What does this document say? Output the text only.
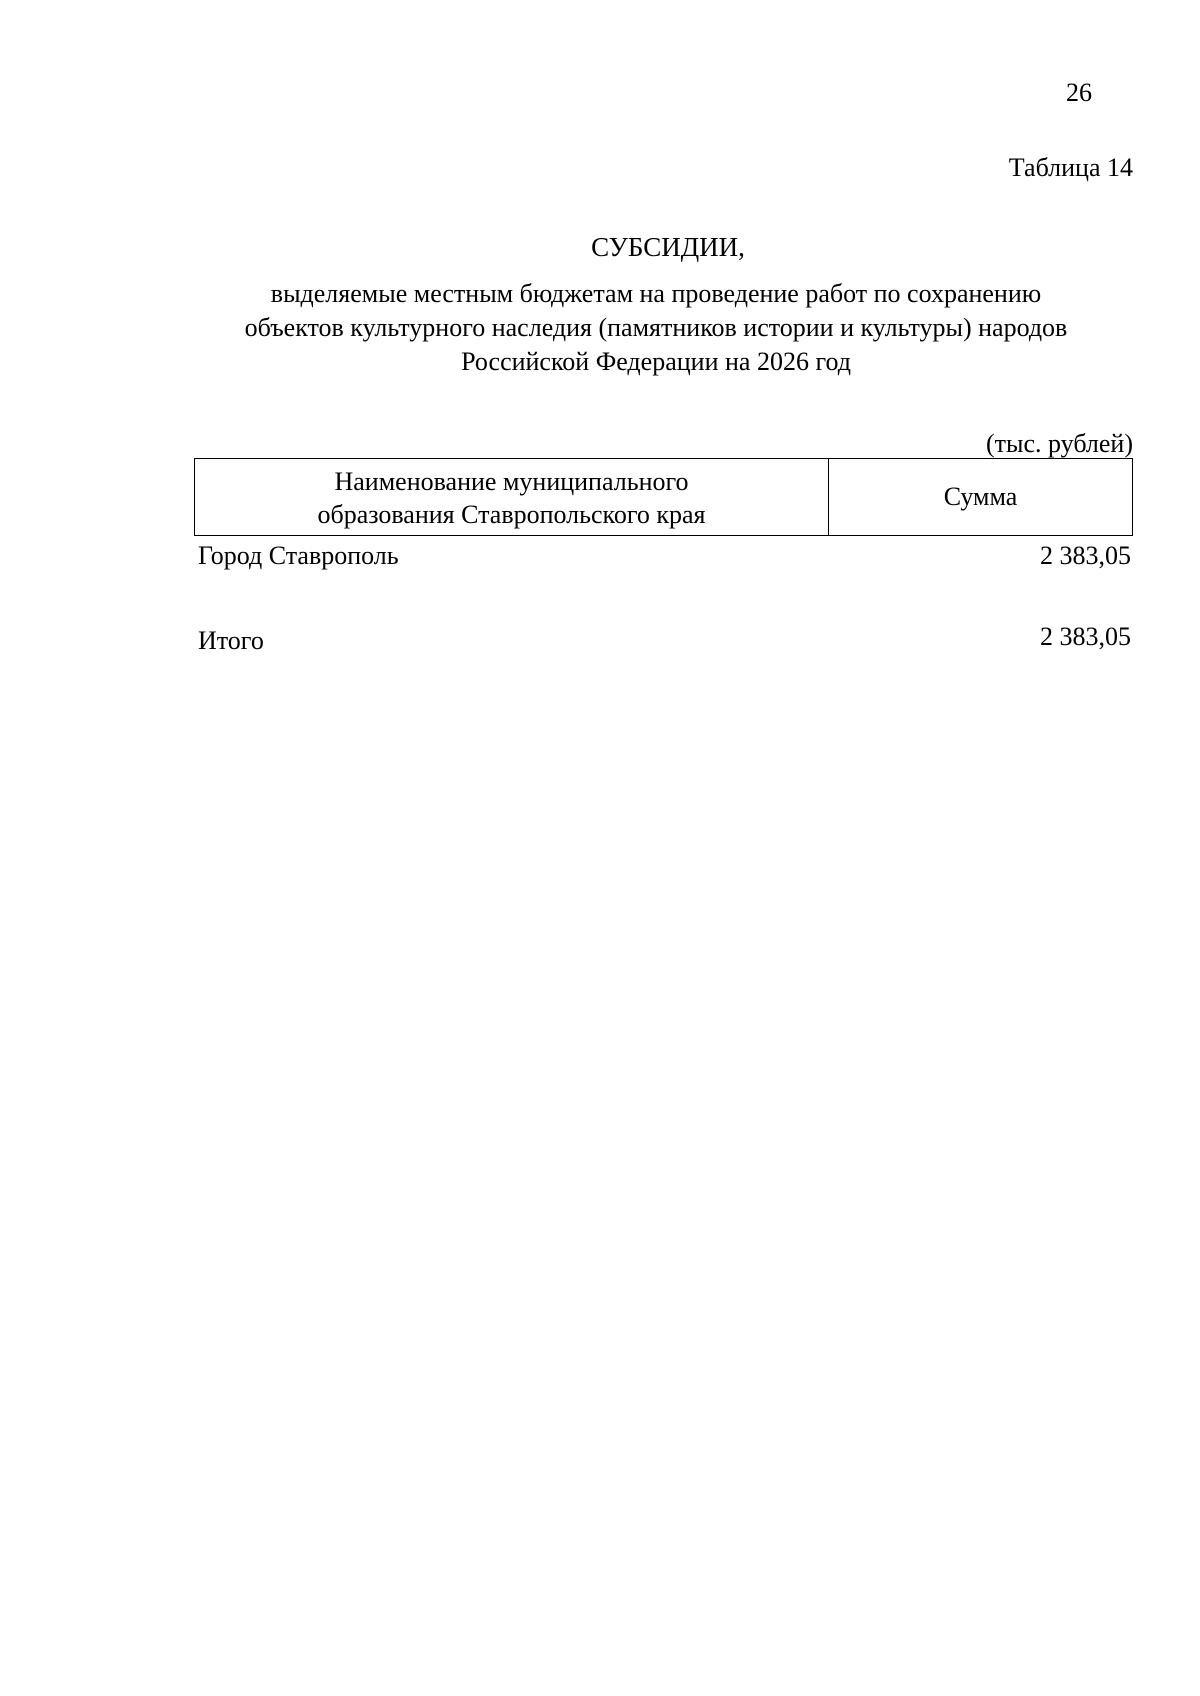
26
Таблица 14
СУБСИДИИ,
выделяемые местным бюджетам на проведение работ по сохранению
объектов культурного наследия (памятников истории и культуры) народов
Российской Федерации на 2026 год
(тыс. рублей)
Наименование муниципального
образования Ставропольского края
Сумма
Город Ставрополь	2 383,05
Итого	2 383,05
